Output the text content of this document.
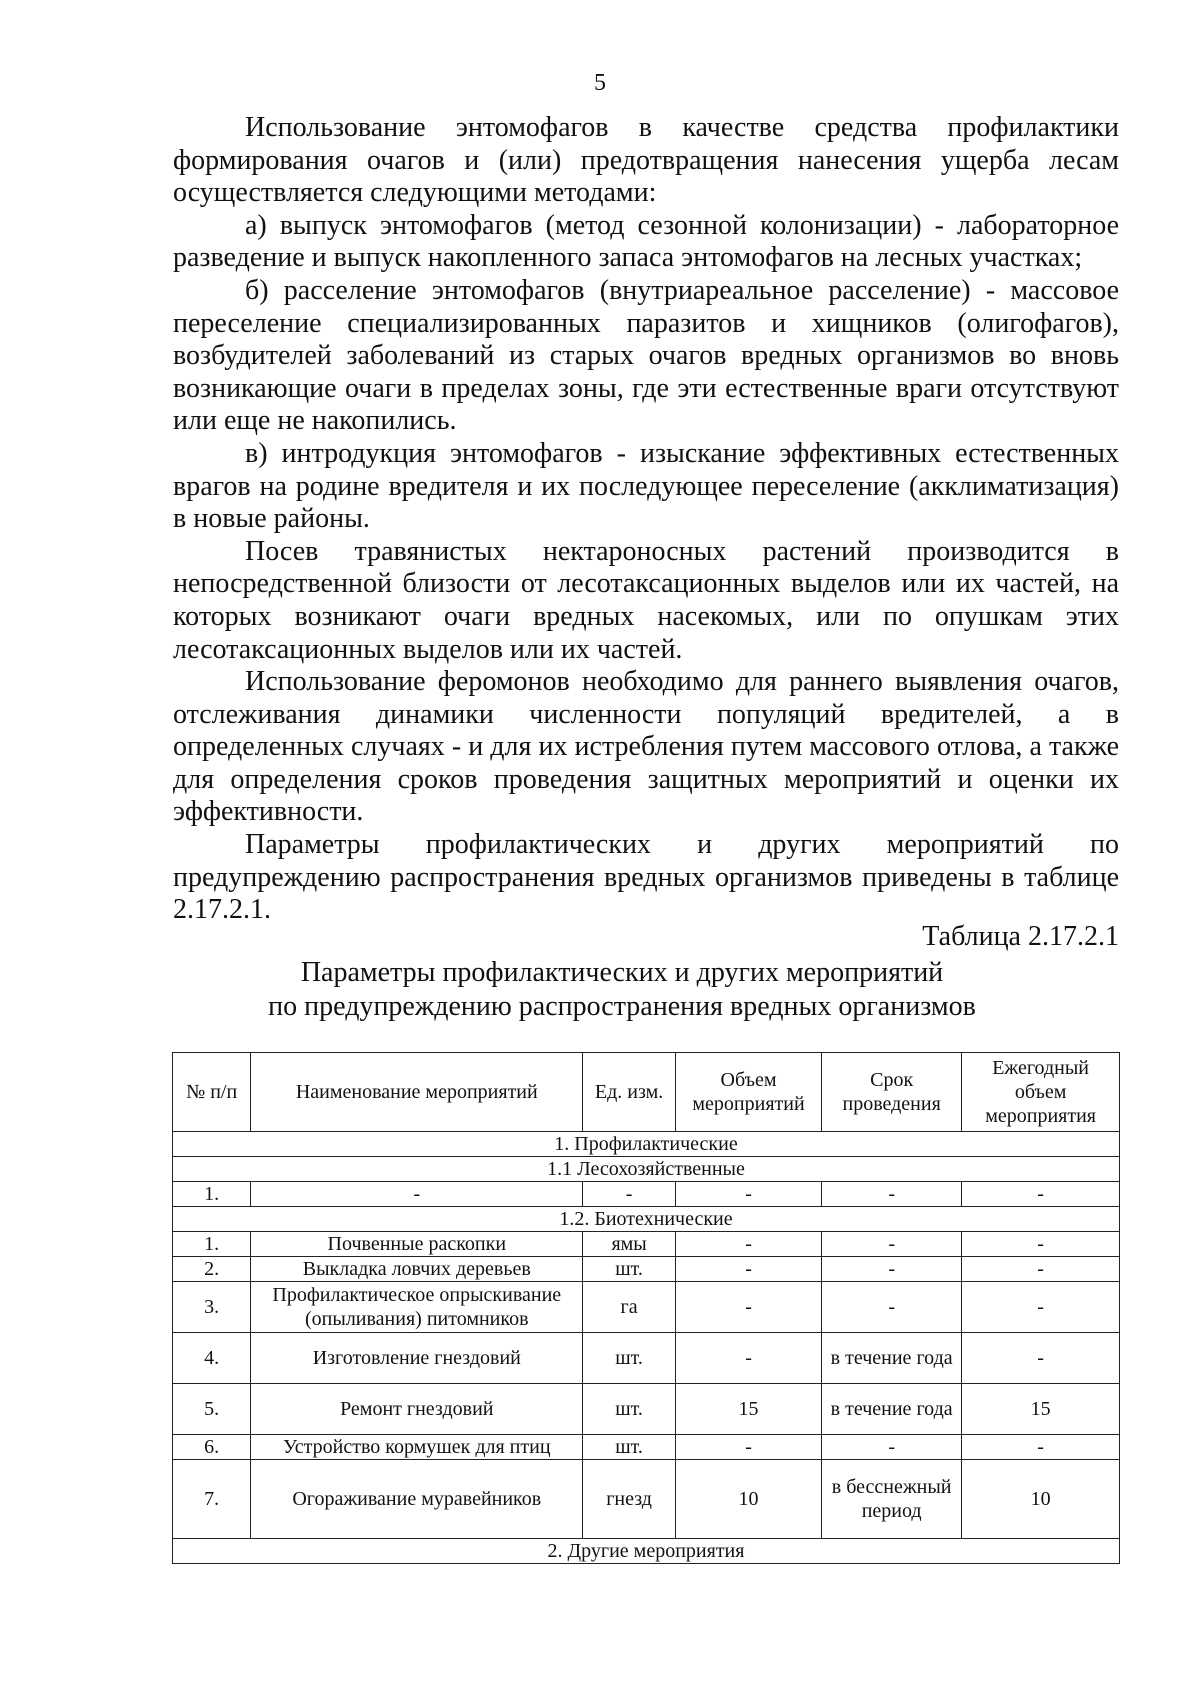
5

Использование энтомофагов в качестве средства профилактики формирования очагов и (или) предотвращения нанесения ущерба лесам осуществляется следующими методами:

а) выпуск энтомофагов (метод сезонной колонизации) - лабораторное разведение и выпуск накопленного запаса энтомофагов на лесных участках;

б) расселение энтомофагов (внутриареальное расселение) - массовое переселение специализированных паразитов и хищников (олигофагов), возбудителей заболеваний из старых очагов вредных организмов во вновь возникающие очаги в пределах зоны, где эти естественные враги отсутствуют или еще не накопились.

в) интродукция энтомофагов - изыскание эффективных естественных врагов на родине вредителя и их последующее переселение (акклиматизация) в новые районы.

Посев травянистых нектароносных растений производится в непосредственной близости от лесотаксационных выделов или их частей, на которых возникают очаги вредных насекомых, или по опушкам этих лесотаксационных выделов или их частей.

Использование феромонов необходимо для раннего выявления очагов, отслеживания динамики численности популяций вредителей, а в определенных случаях - и для их истребления путем массового отлова, а также для определения сроков проведения защитных мероприятий и оценки их эффективности.

Параметры профилактических и других мероприятий по предупреждению распространения вредных организмов приведены в таблице 2.17.2.1.

Таблица 2.17.2.1
Параметры профилактических и других мероприятий
по предупреждению распространения вредных организмов
№ п/п	Наименование мероприятий	Ед. изм.	Объем мероприятий	Срок проведения	Ежегодный объем мероприятия
1. Профилактические					
1.1 Лесохозяйственные					
1.	-	-	-	-	-
1.2. Биотехнические					
1.	Почвенные раскопки	ямы	-	-	-
2.	Выкладка ловчих деревьев	шт.	-	-	-
3.	Профилактическое опрыскивание (опыливания) питомников	га	-	-	-
4.	Изготовление гнездовий	шт.	-	в течение года	-
5.	Ремонт гнездовий	шт.	15	в течение года	15
6.	Устройство кормушек для птиц	шт.	-	-	-
7.	Огораживание муравейников	гнезд	10	в бесснежный период	10
2. Другие мероприятия					
